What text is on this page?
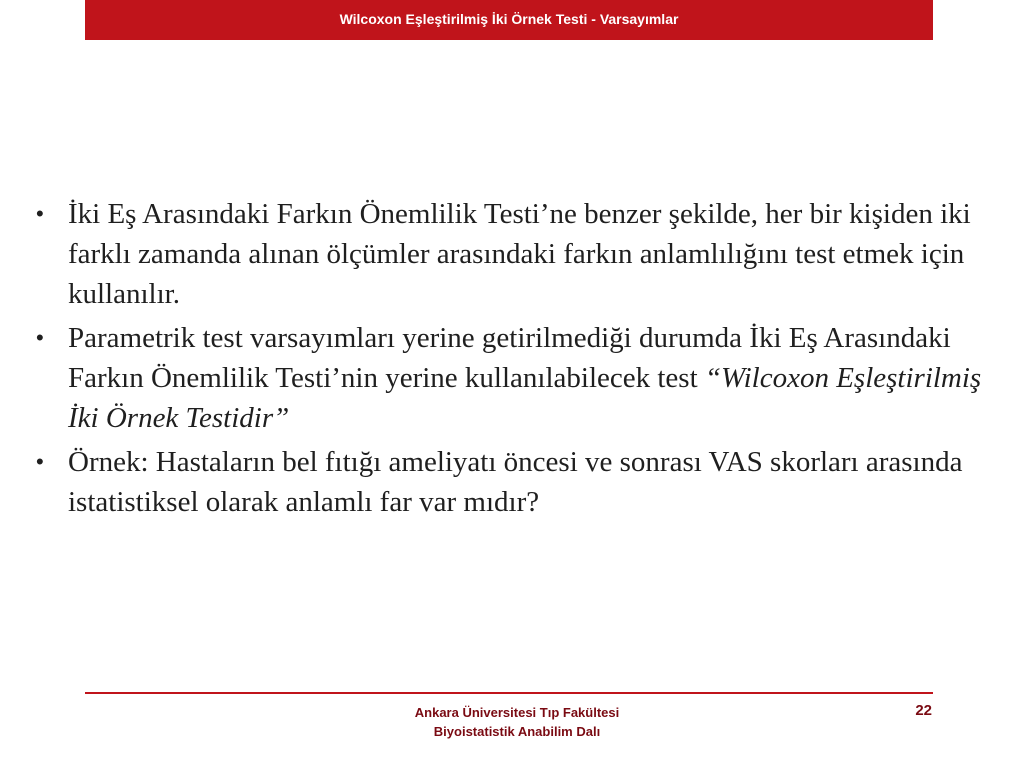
Wilcoxon Eşleştirilmiş İki Örnek Testi - Varsayımlar
• İki Eş Arasındaki Farkın Önemlilik Testi’ne benzer şekilde, her bir kişiden iki farklı zamanda alınan ölçümler arasındaki farkın anlamlılığını test etmek için kullanılır.
• Parametrik test varsayımları yerine getirilmediği durumda İki Eş Arasındaki Farkın Önemlilik Testi’nin yerine kullanılabilecek test “Wilcoxon Eşleştirilmiş İki Örnek Testidir”
• Örnek: Hastaların bel fıtığı ameliyatı öncesi ve sonrası VAS skorları arasında istatistiksel olarak anlamlı far var mıdır?
Ankara Üniversitesi Tıp Fakültesi
Biyoistatistik Anabilim Dalı
22
